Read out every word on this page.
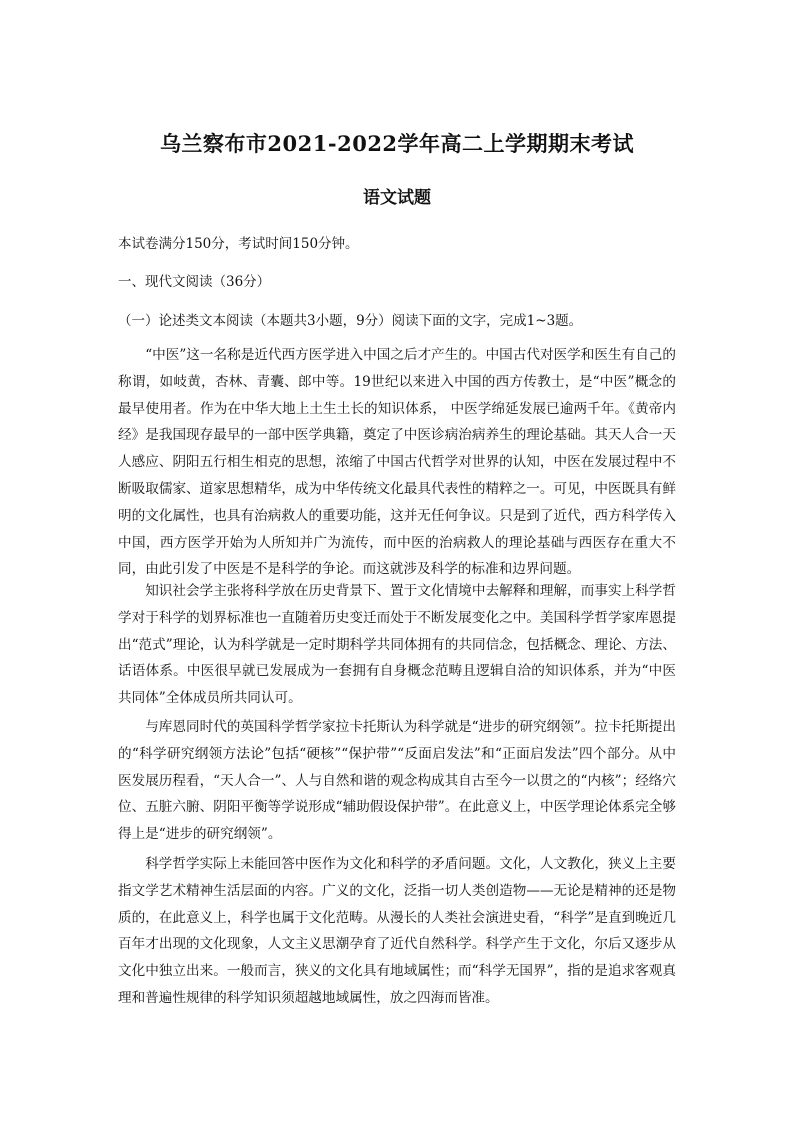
乌兰察布市2021-2022学年高二上学期期末考试
语文试题

本试卷满分150分，考试时间150分钟。

一、现代文阅读（36分）

（一）论述类文本阅读（本题共3小题，9分）阅读下面的文字，完成1~3题。

“中医”这一名称是近代西方医学进入中国之后才产生的。中国古代对医学和医生有自己的称谓，如岐黄，杏林、青囊、郎中等。19世纪以来进入中国的西方传教士，是“中医”概念的最早使用者。作为在中华大地上土生土长的知识体系， 中医学绵延发展已逾两千年。《黄帝内经》是我国现存最早的一部中医学典籍，奠定了中医诊病治病养生的理论基础。其天人合一天人感应、阴阳五行相生相克的思想，浓缩了中国古代哲学对世界的认知，中医在发展过程中不断吸取儒家、道家思想精华，成为中华传统文化最具代表性的精粹之一。可见，中医既具有鲜明的文化属性，也具有治病救人的重要功能，这并无任何争议。只是到了近代，西方科学传入中国，西方医学开始为人所知并广为流传，而中医的治病救人的理论基础与西医存在重大不同，由此引发了中医是不是科学的争论。而这就涉及科学的标准和边界问题。

知识社会学主张将科学放在历史背景下、置于文化情境中去解释和理解，而事实上科学哲学对于科学的划界标准也一直随着历史变迁而处于不断发展变化之中。美国科学哲学家库恩提出“范式”理论，认为科学就是一定时期科学共同体拥有的共同信念，包括概念、理论、方法、话语体系。中医很早就已发展成为一套拥有自身概念范畴且逻辑自洽的知识体系，并为“中医共同体”全体成员所共同认可。

与库恩同时代的英国科学哲学家拉卡托斯认为科学就是“进步的研究纲领”。拉卡托斯提出的“科学研究纲领方法论”包括“硬核”“保护带”“反面启发法”和“正面启发法”四个部分。从中医发展历程看，“天人合一”、人与自然和谐的观念构成其自古至今一以贯之的“内核”；经络穴位、五脏六腑、阴阳平衡等学说形成“辅助假设保护带”。在此意义上，中医学理论体系完全够得上是“进步的研究纲领”。

科学哲学实际上未能回答中医作为文化和科学的矛盾问题。文化，人文教化，狭义上主要指文学艺术精神生活层面的内容。广义的文化，泛指一切人类创造物——无论是精神的还是物质的，在此意义上，科学也属于文化范畴。从漫长的人类社会演进史看，“科学”是直到晚近几百年才出现的文化现象，人文主义思潮孕育了近代自然科学。科学产生于文化，尔后又逐步从文化中独立出来。一般而言，狭义的文化具有地域属性；而“科学无国界”，指的是追求客观真理和普遍性规律的科学知识须超越地域属性，放之四海而皆准。
